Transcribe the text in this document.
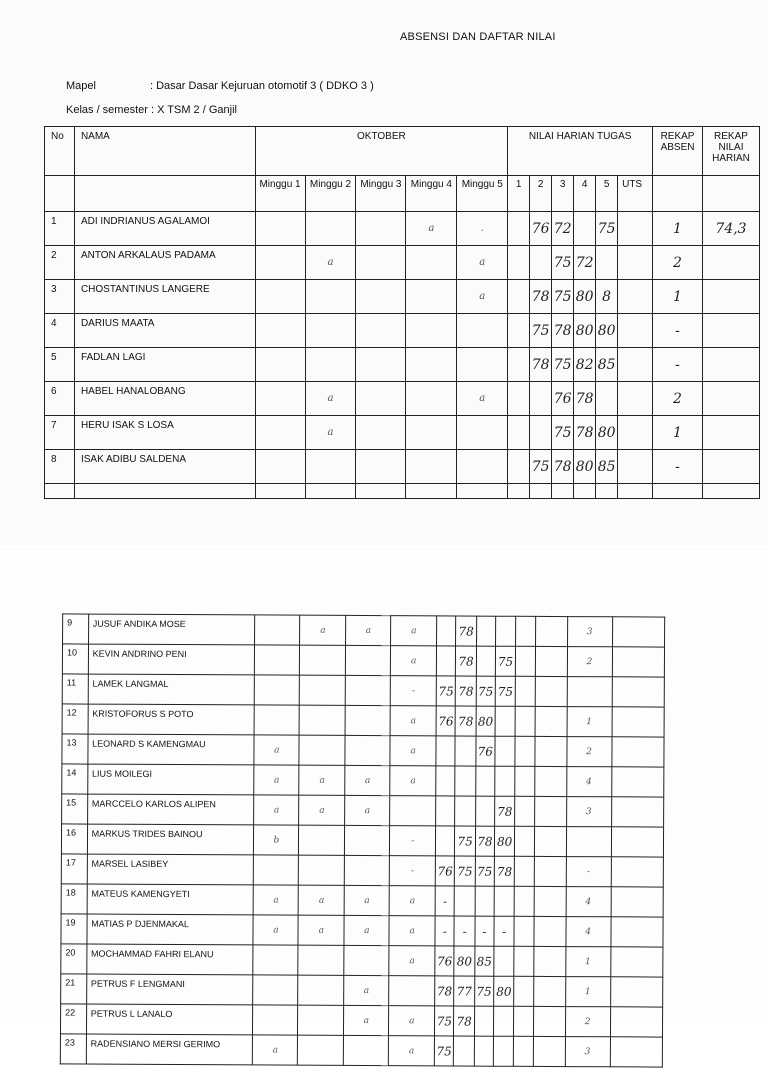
ABSENSI DAN DAFTAR NILAI
Mapel	: Dasar Dasar Kejuruan otomotif 3 ( DDKO 3 )
Kelas / semester : X TSM 2 / Ganjil
No	NAMA	OKTOBER					NILAI HARIAN TUGAS						REKAP ABSEN	REKAP NILAI HARIAN
		Minggu 1	Minggu 2	Minggu 3	Minggu 4	Minggu 5	1	2	3	4	5	UTS		
1	ADI INDRIANUS AGALAMOI				a	.		76	72		75		1	74,3
2	ANTON ARKALAUS PADAMA		a			a			75	72			2	
3	CHOSTANTINUS LANGERE					a		78	75	80	8		1	
4	DARIUS MAATA							75	78	80	80		-	
5	FADLAN LAGI							78	75	82	85		-	
6	HABEL HANALOBANG		a			a			76	78			2	
7	HERU ISAK S LOSA		a						75	78	80		1	
8	ISAK ADIBU SALDENA							75	78	80	85		-	

9	JUSUF ANDIKA MOSE		a	a	a		78					3	
10	KEVIN ANDRINO PENI				a		78		75			2	
11	LAMEK LANGMAL				-	75	78	75	75				
12	KRISTOFORUS S POTO				a	76	78	80				1	
13	LEONARD S KAMENGMAU	a			a			76				2	
14	LIUS MOILEGI	a	a	a	a							4	
15	MARCCELO KARLOS ALIPEN	a	a	a					78			3	
16	MARKUS TRIDES BAINOU	b			-		75	78	80				
17	MARSEL LASIBEY				-	76	75	75	78			-	
18	MATEUS KAMENGYETI	a	a	a	a	-						4	
19	MATIAS P DJENMAKAL	a	a	a	a	-	-	-	-			4	
20	MOCHAMMAD FAHRI ELANU				a	76	80	85				1	
21	PETRUS F LENGMANI			a		78	77	75	80			1	
22	PETRUS L LANALO			a	a	75	78					2	
23	RADENSIANO MERSI GERIMO	a			a	75						3	
